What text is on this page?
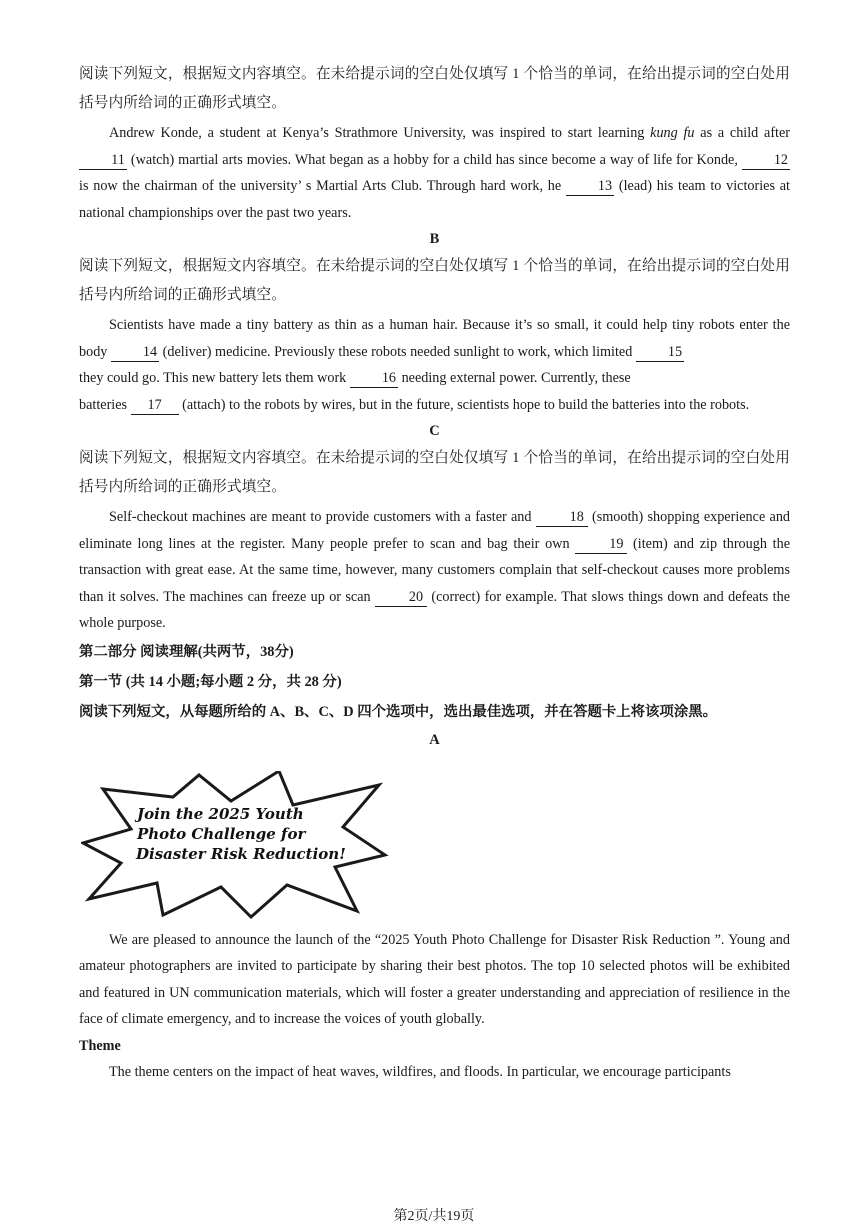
阅读下列短文，根据短文内容填空。在未给提示词的空白处仅填写 1 个恰当的单词，在给出提示词的空白处用括号内所给词的正确形式填空。

Andrew Konde, a student at Kenya’s Strathmore University, was inspired to start learning kung fu as a child after 11 (watch) martial arts movies. What began as a hobby for a child has since become a way of life for Konde, 12 is now the chairman of the university’ s Martial Arts Club. Through hard work, he 13 (lead) his team to victories at national championships over the past two years.

B

阅读下列短文，根据短文内容填空。在未给提示词的空白处仅填写 1 个恰当的单词，在给出提示词的空白处用括号内所给词的正确形式填空。

Scientists have made a tiny battery as thin as a human hair. Because it’s so small, it could help tiny robots enter the body 14 (deliver) medicine. Previously these robots needed sunlight to work, which limited 15
they could go. This new battery lets them work 16 needing external power. Currently, these

batteries 17 (attach) to the robots by wires, but in the future, scientists hope to build the batteries into the robots.

C

阅读下列短文，根据短文内容填空。在未给提示词的空白处仅填写 1 个恰当的单词，在给出提示词的空白处用括号内所给词的正确形式填空。

Self-checkout machines are meant to provide customers with a faster and 18 (smooth) shopping experience and eliminate long lines at the register. Many people prefer to scan and bag their own 19 (item) and zip through the transaction with great ease. At the same time, however, many customers complain that self-checkout causes more problems than it solves. The machines can freeze up or scan 20 (correct) for example. That slows things down and defeats the whole purpose.

第二部分 阅读理解(共两节，38分)

第一节 (共 14 小题;每小题 2 分，共 28 分)

阅读下列短文，从每题所给的 A、B、C、D 四个选项中，选出最佳选项，并在答题卡上将该项涂黑。

A

Join the 2025 Youth
Photo Challenge for
Disaster Risk Reduction!

We are pleased to announce the launch of the “2025 Youth Photo Challenge for Disaster Risk Reduction ”. Young and amateur photographers are invited to participate by sharing their best photos. The top 10 selected photos will be exhibited and featured in UN communication materials, which will foster a greater understanding and appreciation of resilience in the face of climate emergency, and to increase the voices of youth globally.

Theme

The theme centers on the impact of heat waves, wildfires, and floods. In particular, we encourage participants

第2页/共19页
